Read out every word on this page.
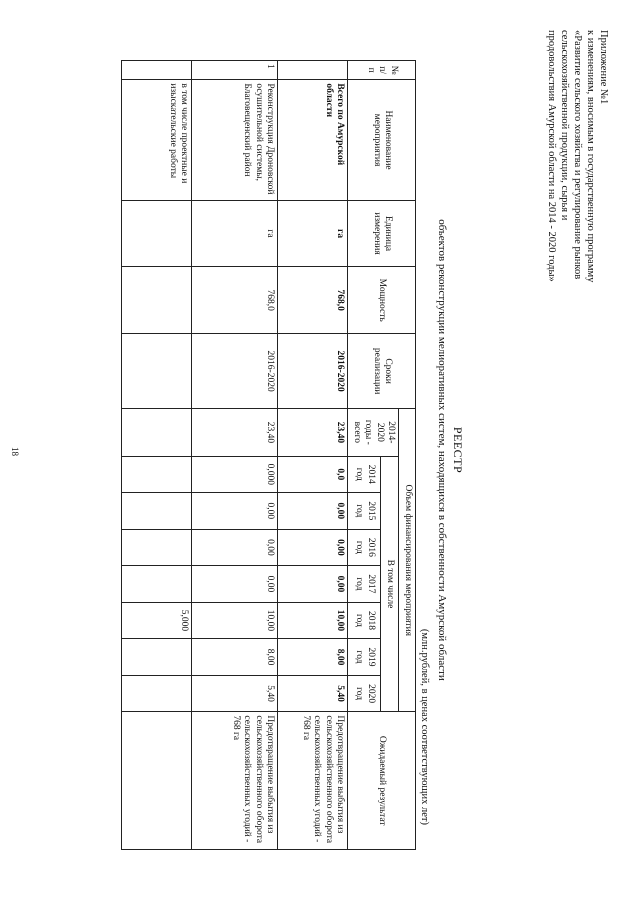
18
Приложение №1
к изменениям, вносимым в государственную программу
«Развитие сельского хозяйства и регулирование рынков
сельскохозяйственной продукции, сырья и
продовольствия Амурской области на 2014 - 2020 годы»
РЕЕСТР
объектов реконструкции мелиоративных систем, находящихся в собственности Амурской области
(млн.рублей, в ценах соответствующих лет)
№ п/ п	Наименование мероприятия	Единица измерения	Мощность	Сроки реализации	Объем финансирования мероприятия								Ожидаемый результат
					2014-2020 годы - всего	В том числе							
						2014 год	2015 год	2016 год	2017 год	2018 год	2019 год	2020 год	
	Всего по Амурской области	га	768,0	2016-2020	23,40	0,0	0,00	0,00	0,00	10,00	8,00	5,40	Предотвращение выбытия из сельскохозяйственного оборота сельскохозяйственных угодий - 768 га
1	Реконструкция Дроновской осушительной системы, Благовещенский район	га	768,0	2016-2020	23,40	0,000	0,00	0,00	0,00	10,00	8,00	5,40	Предотвращение выбытия из сельскохозяйственного оборота сельскохозяйственных угодий - 768 га
	в том числе проектные и изыскательские работы									5,000			
